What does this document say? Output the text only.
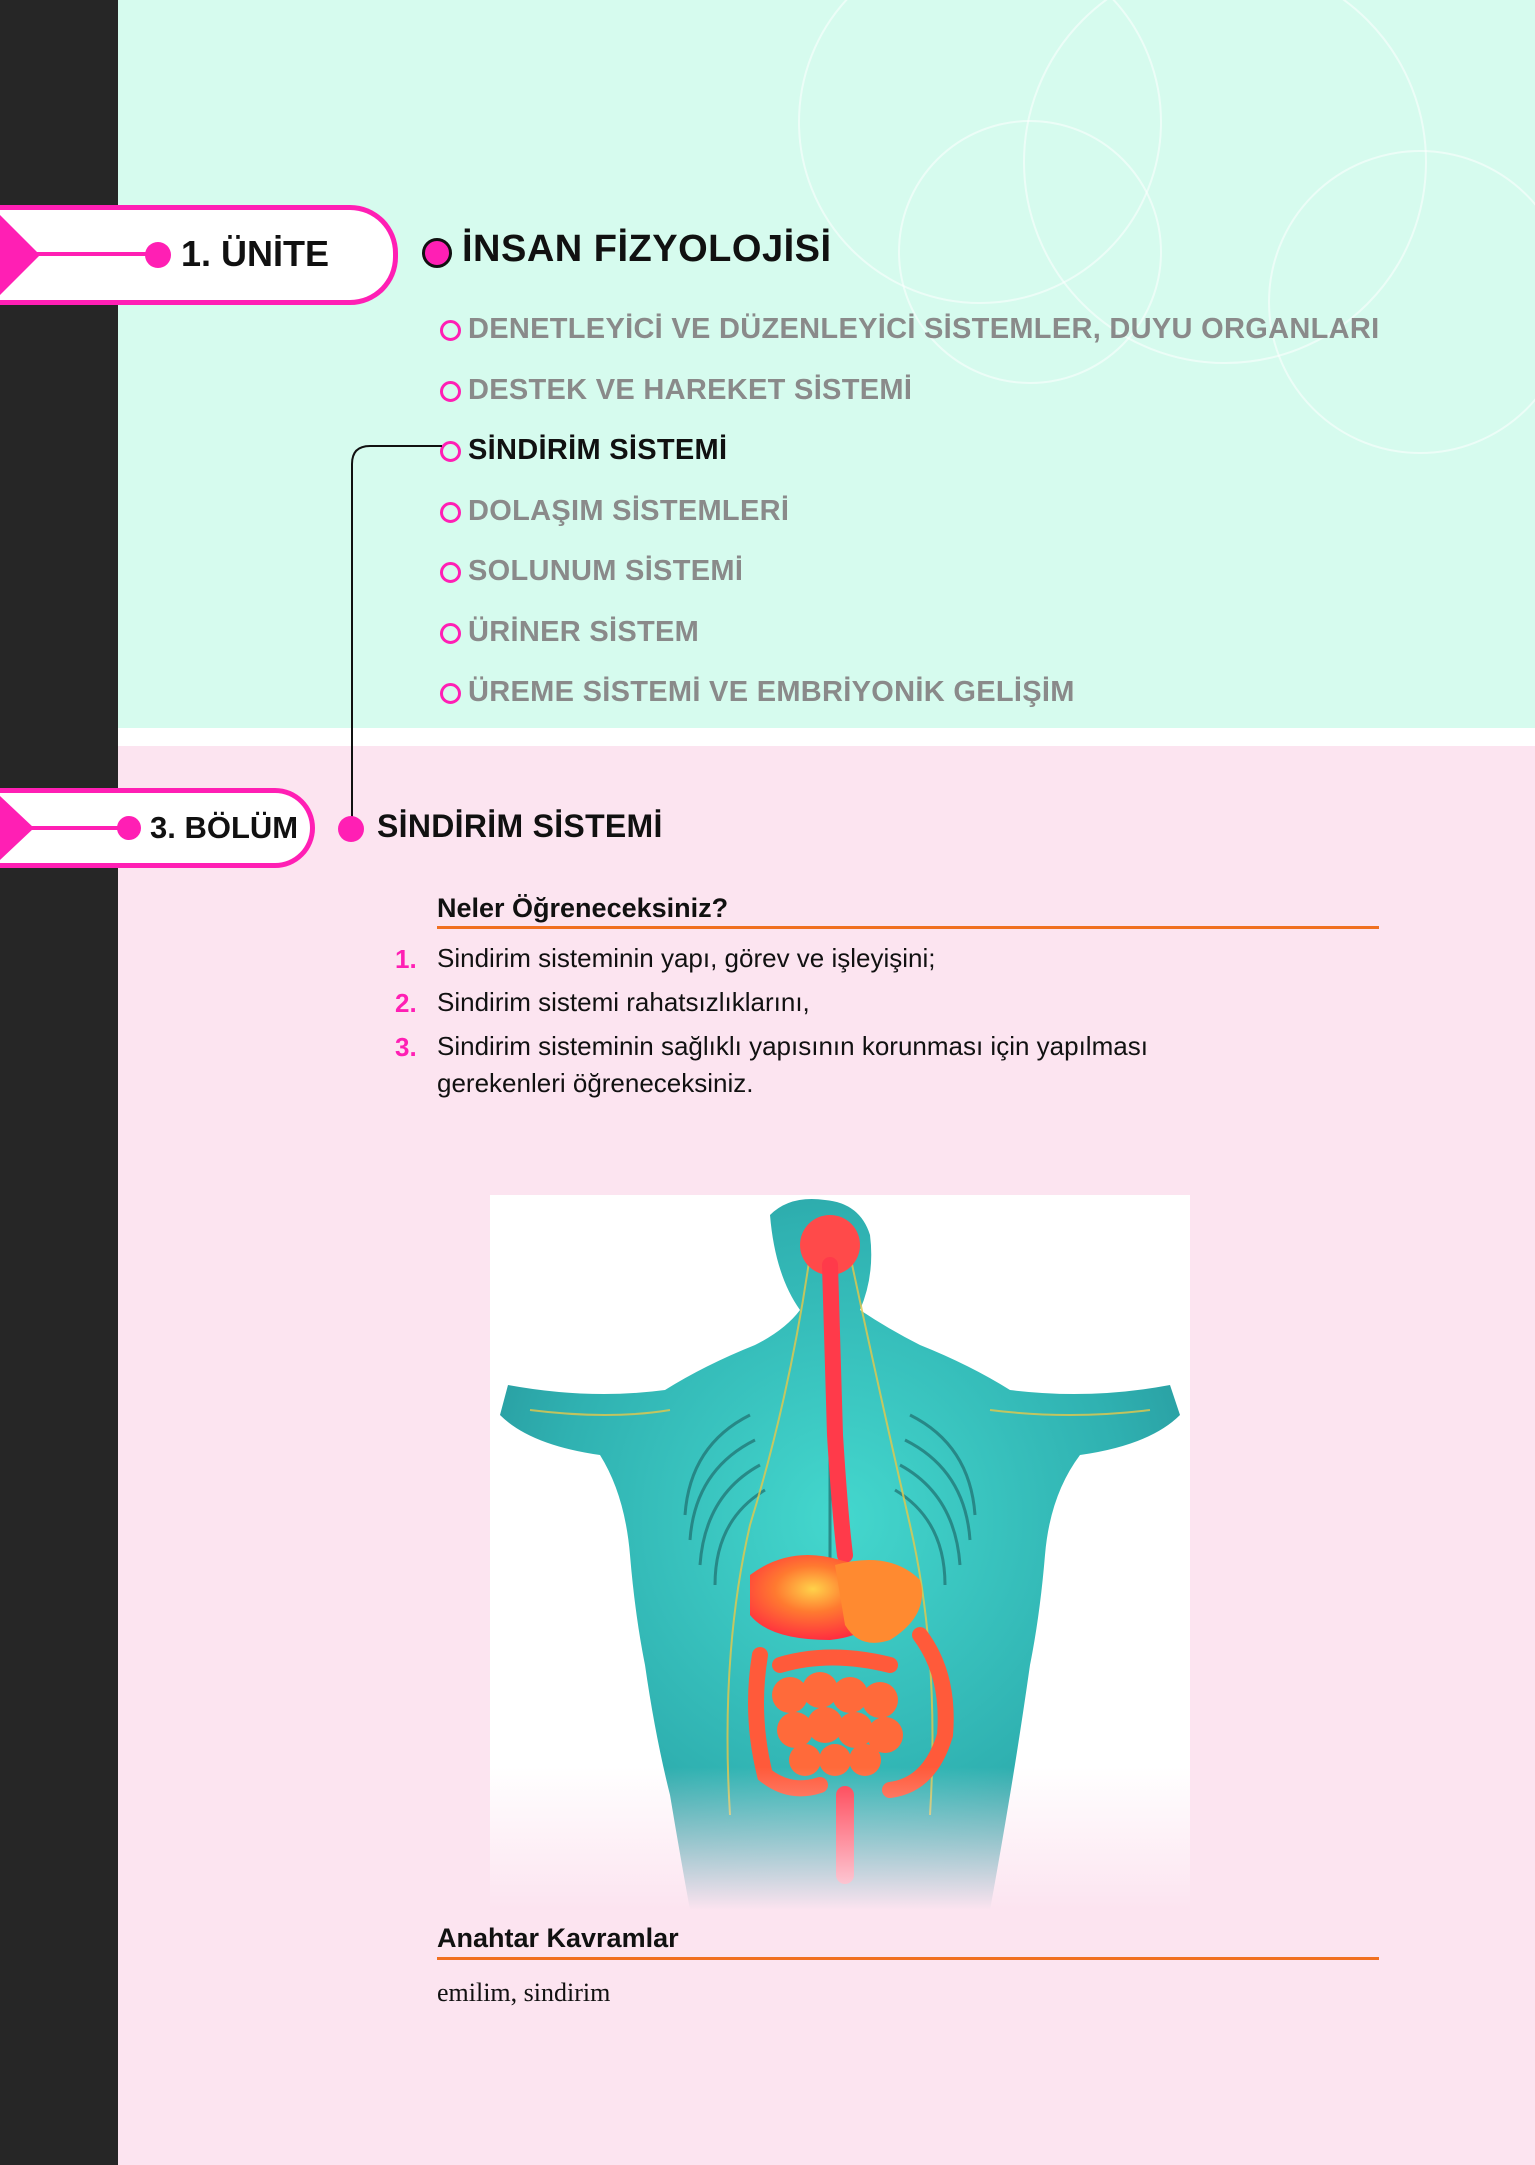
1. ÜNİTE	İNSAN FİZYOLOJİSİ
DENETLEYİCİ VE DÜZENLEYİCİ SİSTEMLER, DUYU ORGANLARI
DESTEK VE HAREKET SİSTEMİ
SİNDİRİM SİSTEMİ
DOLAŞIM SİSTEMLERİ
SOLUNUM SİSTEMİ
ÜRİNER SİSTEM
ÜREME SİSTEMİ VE EMBRİYONİK GELİŞİM
3. BÖLÜM SİNDİRİM SİSTEMİ
Neler Öğreneceksiniz?
1. Sindirim sisteminin yapı, görev ve işleyişini;
2. Sindirim sistemi rahatsızlıklarını,
3. Sindirim sisteminin sağlıklı yapısının korunması için yapılması gerekenleri öğreneceksiniz.
Anahtar Kavramlar
emilim, sindirim
